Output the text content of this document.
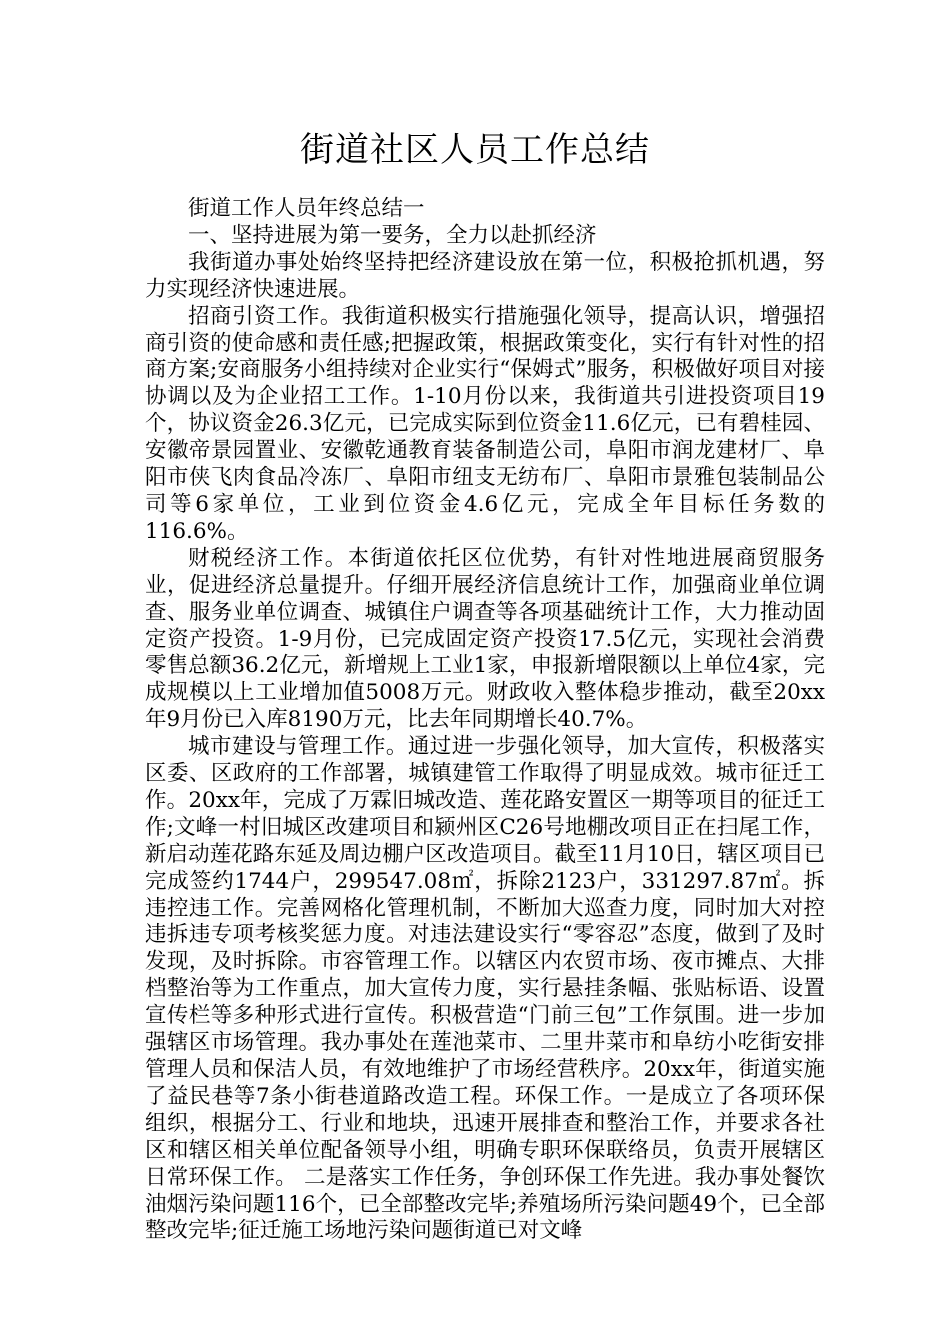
街道社区人员工作总结

街道工作人员年终总结一

一、坚持进展为第一要务，全力以赴抓经济

我街道办事处始终坚持把经济建设放在第一位，积极抢抓机遇，努力实现经济快速进展。

招商引资工作。我街道积极实行措施强化领导，提高认识，增强招商引资的使命感和责任感;把握政策，根据政策变化，实行有针对性的招商方案;安商服务小组持续对企业实行“保姆式”服务，积极做好项目对接协调以及为企业招工工作。1-10月份以来，我街道共引进投资项目19个，协议资金26.3亿元，已完成实际到位资金11.6亿元，已有碧桂园、安徽帝景园置业、安徽乾通教育装备制造公司，阜阳市润龙建材厂、阜阳市侠飞肉食品冷冻厂、阜阳市纽支无纺布厂、阜阳市景雅包装制品公司等6家单位，工业到位资金4.6亿元，完成全年目标任务数的116.6%。

财税经济工作。本街道依托区位优势，有针对性地进展商贸服务业，促进经济总量提升。仔细开展经济信息统计工作，加强商业单位调查、服务业单位调查、城镇住户调查等各项基础统计工作，大力推动固定资产投资。1-9月份，已完成固定资产投资17.5亿元，实现社会消费零售总额36.2亿元，新增规上工业1家，申报新增限额以上单位4家，完成规模以上工业增加值5008万元。财政收入整体稳步推动，截至20xx年9月份已入库8190万元，比去年同期增长40.7%。

城市建设与管理工作。通过进一步强化领导，加大宣传，积极落实区委、区政府的工作部署，城镇建管工作取得了明显成效。城市征迁工作。20xx年，完成了万霖旧城改造、莲花路安置区一期等项目的征迁工作;文峰一村旧城区改建项目和颍州区C26号地棚改项目正在扫尾工作，新启动莲花路东延及周边棚户区改造项目。截至11月10日，辖区项目已完成签约1744户，299547.08㎡，拆除2123户，331297.87㎡。拆违控违工作。完善网格化管理机制，不断加大巡查力度，同时加大对控违拆违专项考核奖惩力度。对违法建设实行“零容忍”态度，做到了及时发现，及时拆除。市容管理工作。以辖区内农贸市场、夜市摊点、大排档整治等为工作重点，加大宣传力度，实行悬挂条幅、张贴标语、设置宣传栏等多种形式进行宣传。积极营造“门前三包”工作氛围。进一步加强辖区市场管理。我办事处在莲池菜市、二里井菜市和阜纺小吃街安排管理人员和保洁人员，有效地维护了市场经营秩序。20xx年，街道实施了益民巷等7条小街巷道路改造工程。环保工作。一是成立了各项环保组织，根据分工、行业和地块，迅速开展排查和整治工作，并要求各社区和辖区相关单位配备领导小组，明确专职环保联络员，负责开展辖区日常环保工作。 二是落实工作任务，争创环保工作先进。我办事处餐饮油烟污染问题116个，已全部整改完毕;养殖场所污染问题49个，已全部整改完毕;征迁施工场地污染问题街道已对文峰
